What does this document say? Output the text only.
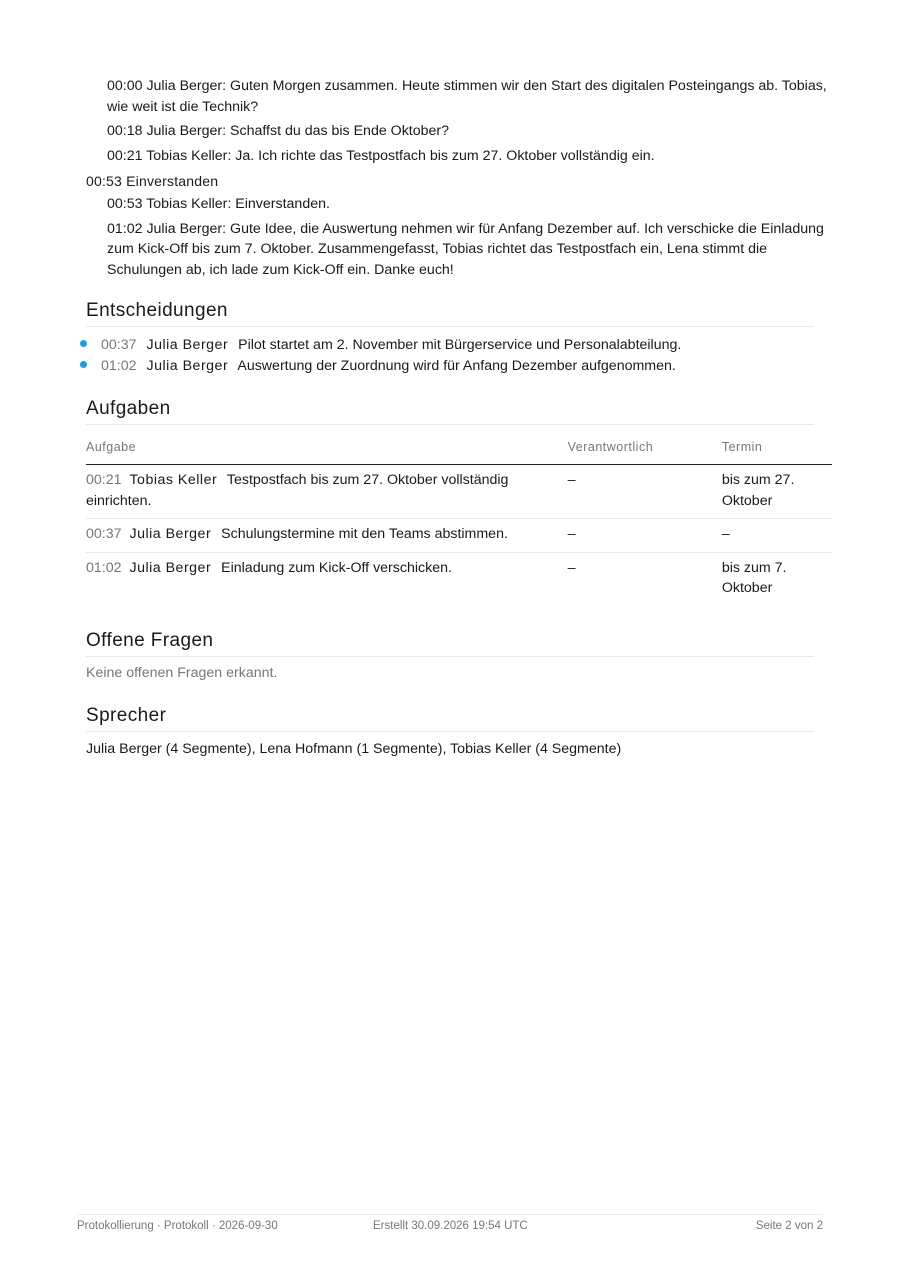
00:00 Julia Berger: Guten Morgen zusammen. Heute stimmen wir den Start des digitalen Posteingangs ab. Tobias, wie weit ist die Technik?

00:18 Julia Berger: Schaffst du das bis Ende Oktober?

00:21 Tobias Keller: Ja. Ich richte das Testpostfach bis zum 27. Oktober vollständig ein.

00:53 Einverstanden

00:53 Tobias Keller: Einverstanden.

01:02 Julia Berger: Gute Idee, die Auswertung nehmen wir für Anfang Dezember auf. Ich verschicke die Einladung zum Kick-Off bis zum 7. Oktober. Zusammengefasst, Tobias richtet das Testpostfach ein, Lena stimmt die Schulungen ab, ich lade zum Kick-Off ein. Danke euch!

Entscheidungen
00:37 Julia Berger Pilot startet am 2. November mit Bürgerservice und Personalabteilung.
01:02 Julia Berger Auswertung der Zuordnung wird für Anfang Dezember aufgenommen.
Aufgaben
Aufgabe	Verantwortlich	Termin
00:21 Tobias Keller Testpostfach bis zum 27. Oktober vollständig einrichten.	–	bis zum 27. Oktober
00:37 Julia Berger Schulungstermine mit den Teams abstimmen.	–	–
01:02 Julia Berger Einladung zum Kick-Off verschicken.	–	bis zum 7. Oktober
Offene Fragen
Keine offenen Fragen erkannt.
Sprecher
Julia Berger (4 Segmente), Lena Hofmann (1 Segmente), Tobias Keller (4 Segmente)
Protokollierung · Protokoll · 2026-09-30	Erstellt 30.09.2026 19:54 UTC	Seite 2 von 2
